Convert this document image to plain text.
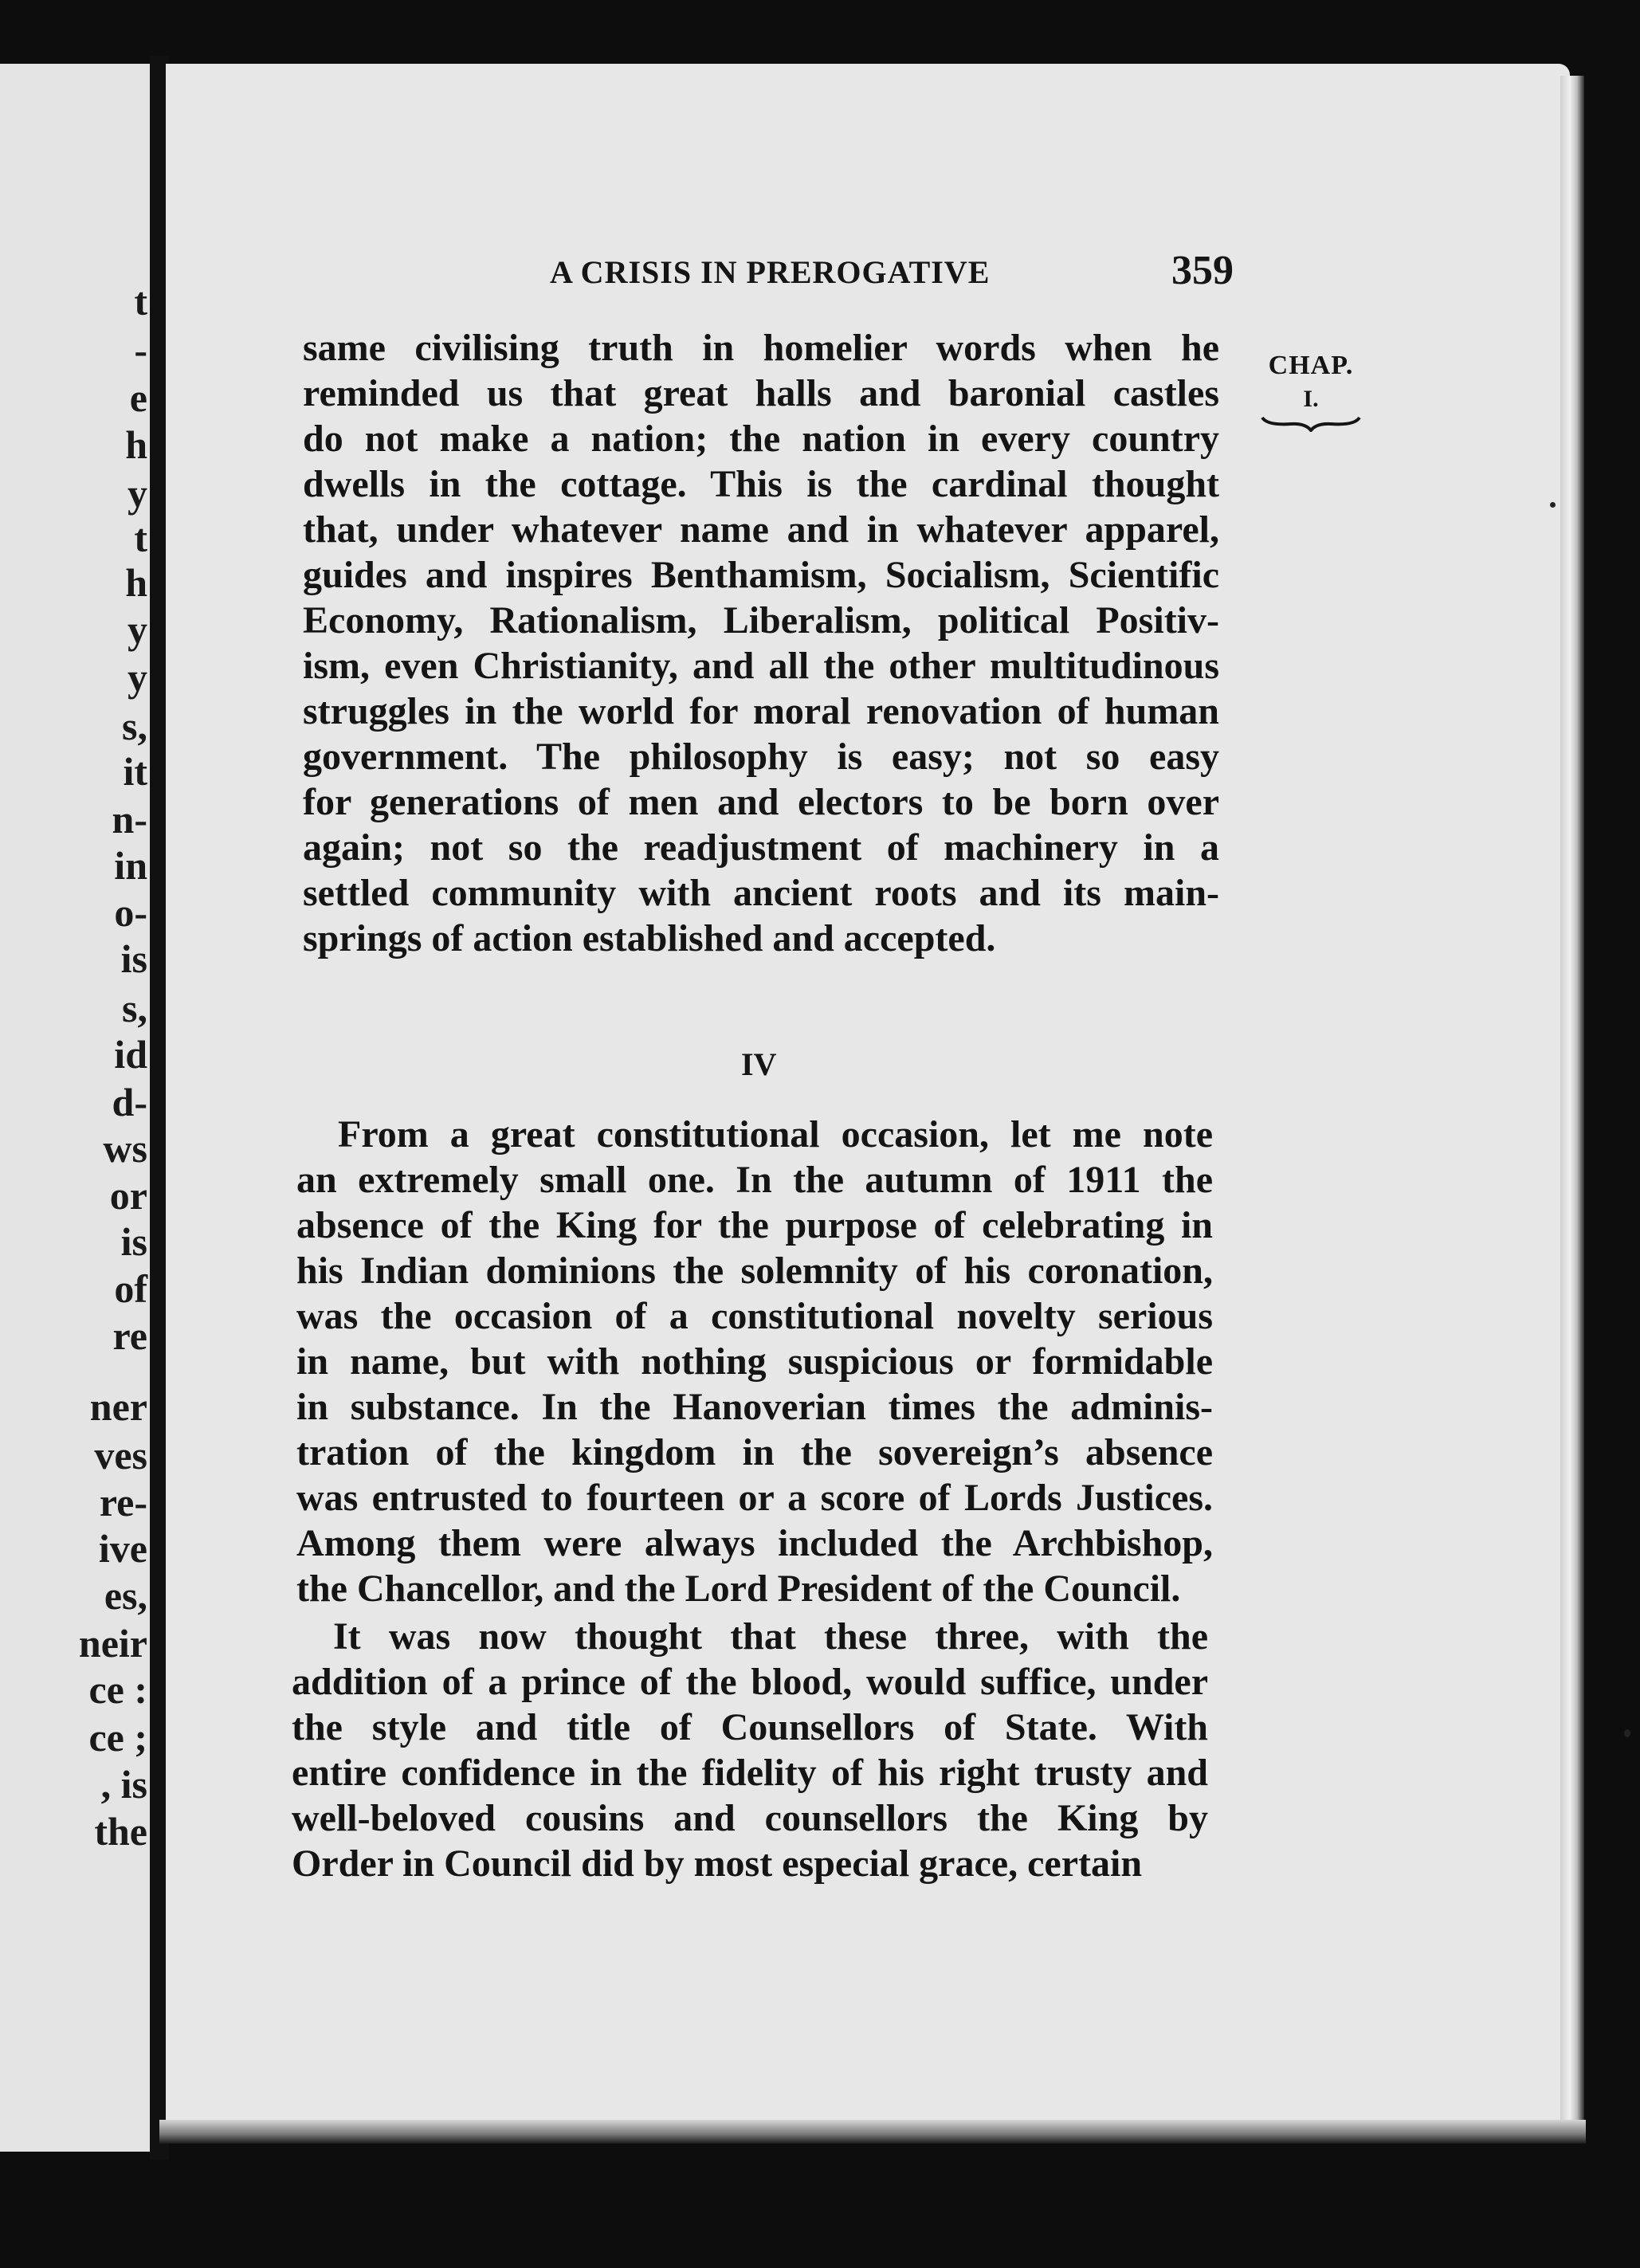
t
-
e
h
y
t
h
y
y
s,
it
n-
in
o-
is
s,
id
d-
ws
or
is
of
re
ner
ves
re-
ive
es,
neir
ce :
ce ;
, is
the
A CRISIS IN PREROGATIVE	359
CHAP.
I.
same civilising truth in homelier words when he
reminded us that great halls and baronial castles
do not make a nation; the nation in every country
dwells in the cottage. This is the cardinal thought
that, under whatever name and in whatever apparel,
guides and inspires Benthamism, Socialism, Scientific
Economy, Rationalism, Liberalism, political Positiv-
ism, even Christianity, and all the other multitudinous
struggles in the world for moral renovation of human
government. The philosophy is easy; not so easy
for generations of men and electors to be born over
again; not so the readjustment of machinery in a
settled community with ancient roots and its main-
springs of action established and accepted.
IV
From a great constitutional occasion, let me note
an extremely small one. In the autumn of 1911 the
absence of the King for the purpose of celebrating in
his Indian dominions the solemnity of his coronation,
was the occasion of a constitutional novelty serious
in name, but with nothing suspicious or formidable
in substance. In the Hanoverian times the adminis-
tration of the kingdom in the sovereign’s absence
was entrusted to fourteen or a score of Lords Justices.
Among them were always included the Archbishop,
the Chancellor, and the Lord President of the Council.
It was now thought that these three, with the
addition of a prince of the blood, would suffice, under
the style and title of Counsellors of State. With
entire confidence in the fidelity of his right trusty and
well-beloved cousins and counsellors the King by
Order in Council did by most especial grace, certain
